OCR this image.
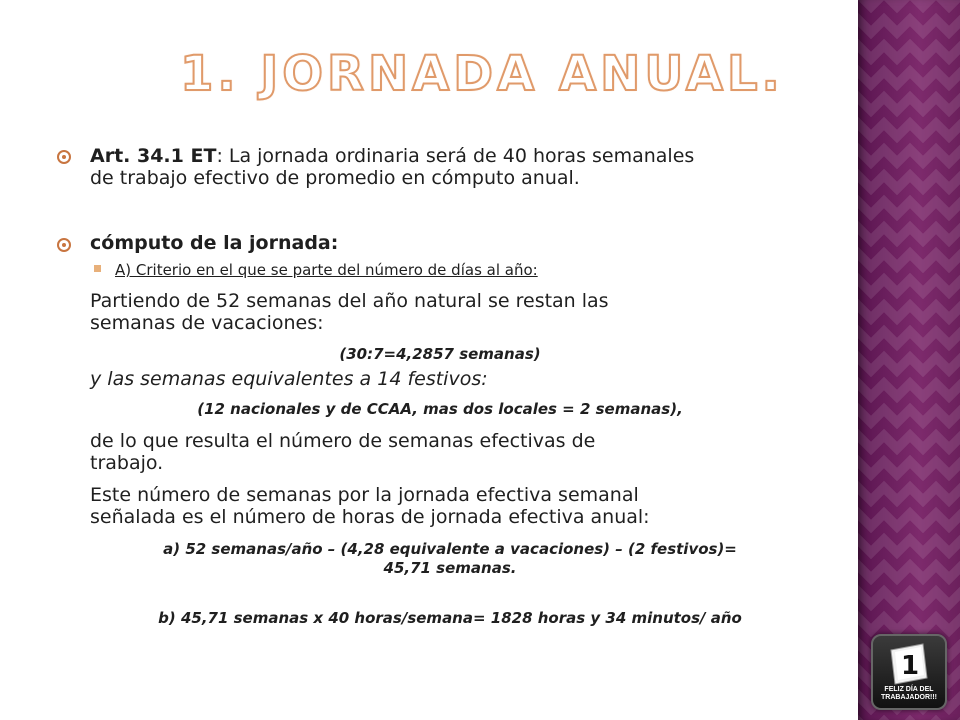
1
FELIZ DÍA DEL
TRABAJADOR!!!
1. JORNADA ANUAL.
Art. 34.1 ET: La jornada ordinaria será de 40 horas semanales
de trabajo efectivo de promedio en cómputo anual.
cómputo de la jornada:
A) Criterio en el que se parte del número de días al año:
Partiendo de 52 semanas del año natural se restan las
semanas de vacaciones:
(30:7=4,2857 semanas)
y las semanas equivalentes a 14 festivos:
(12 nacionales y de CCAA, mas dos locales = 2 semanas),
de lo que resulta el número de semanas efectivas de
trabajo.
Este número de semanas por la jornada efectiva semanal
señalada es el número de horas de jornada efectiva anual:
a) 52 semanas/año – (4,28 equivalente a vacaciones) – (2 festivos)=
45,71 semanas.
b) 45,71 semanas x 40 horas/semana= 1828 horas y 34 minutos/ año
